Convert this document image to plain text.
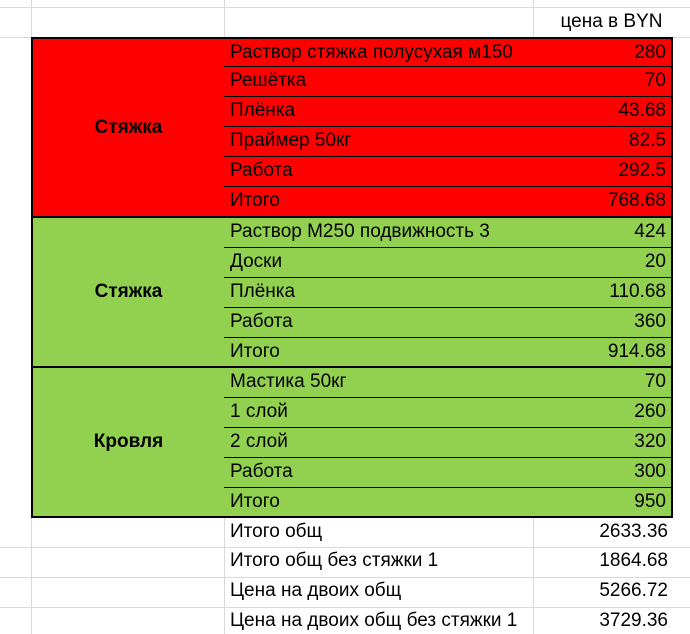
цена в BYN
Стяжка
Раствор стяжка полусухая м150	280
Решётка	70
Плёнка	43.68
Праймер 50кг	82.5
Работа	292.5
Итого	768.68
Стяжка
Раствор М250 подвижность 3	424
Доски	20
Плёнка	110.68
Работа	360
Итого	914.68
Кровля
Мастика 50кг	70
1 слой	260
2 слой	320
Работа	300
Итого	950
Итого общ	2633.36
Итого общ без стяжки 1	1864.68
Цена на двоих общ	5266.72
Цена на двоих общ без стяжки 1	3729.36
